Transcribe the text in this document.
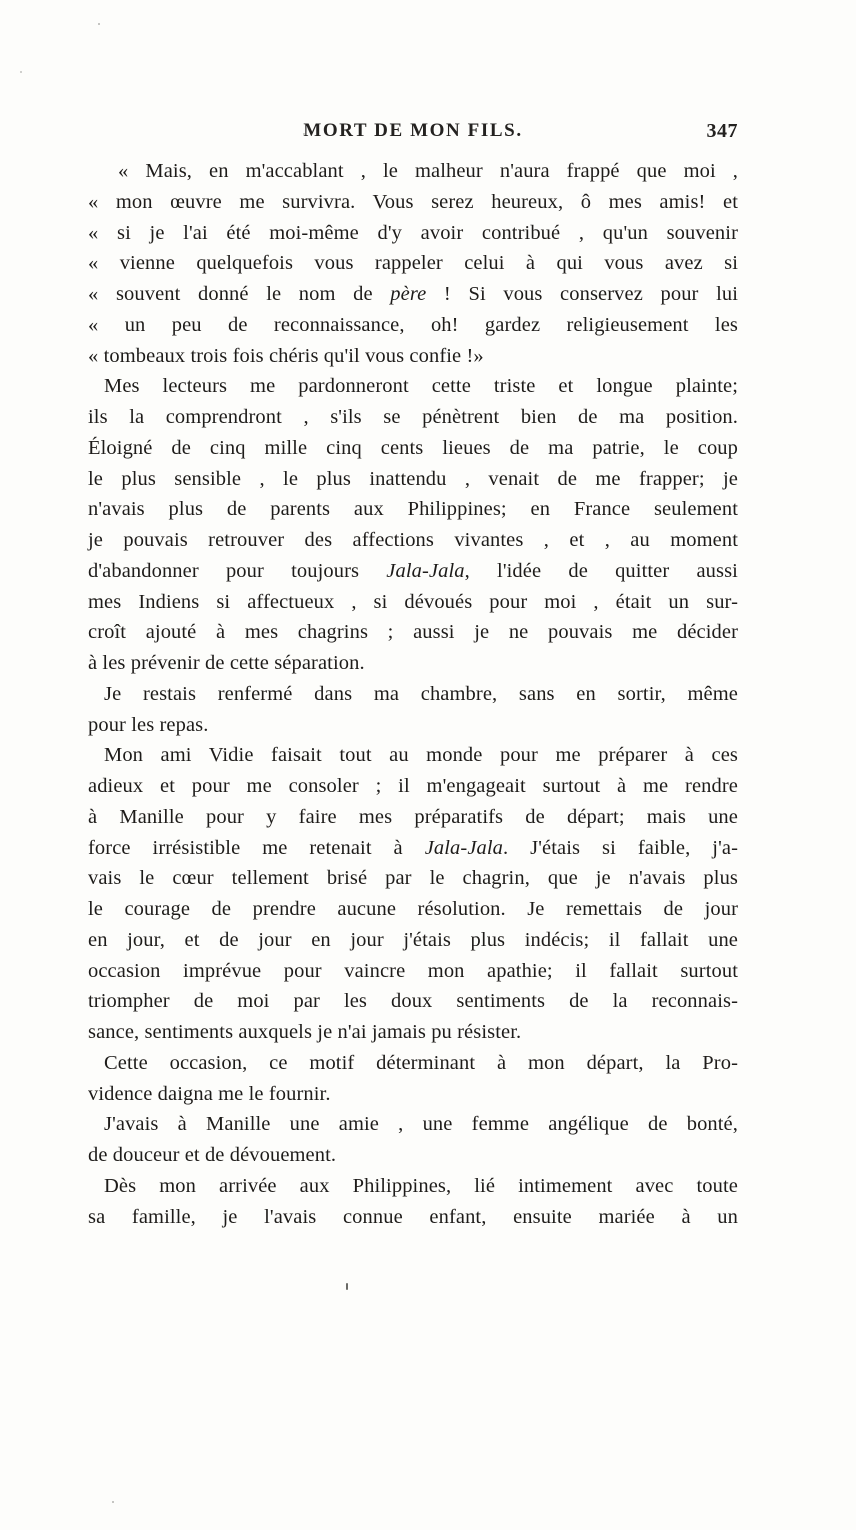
MORT DE MON FILS.	347
« Mais, en m'accablant , le malheur n'aura frappé que moi ,
« mon œuvre me survivra. Vous serez heureux, ô mes amis! et
« si je l'ai été moi-même d'y avoir contribué , qu'un souvenir
« vienne quelquefois vous rappeler celui à qui vous avez si
« souvent donné le nom de père ! Si vous conservez pour lui
« un peu de reconnaissance, oh! gardez religieusement les
« tombeaux trois fois chéris qu'il vous confie !»
Mes lecteurs me pardonneront cette triste et longue plainte;
ils la comprendront , s'ils se pénètrent bien de ma position.
Éloigné de cinq mille cinq cents lieues de ma patrie, le coup
le plus sensible , le plus inattendu , venait de me frapper; je
n'avais plus de parents aux Philippines; en France seulement
je pouvais retrouver des affections vivantes , et , au moment
d'abandonner pour toujours Jala-Jala, l'idée de quitter aussi
mes Indiens si affectueux , si dévoués pour moi , était un sur-
croît ajouté à mes chagrins ; aussi je ne pouvais me décider
à les prévenir de cette séparation.
Je restais renfermé dans ma chambre, sans en sortir, même
pour les repas.
Mon ami Vidie faisait tout au monde pour me préparer à ces
adieux et pour me consoler ; il m'engageait surtout à me rendre
à Manille pour y faire mes préparatifs de départ; mais une
force irrésistible me retenait à Jala-Jala. J'étais si faible, j'a-
vais le cœur tellement brisé par le chagrin, que je n'avais plus
le courage de prendre aucune résolution. Je remettais de jour
en jour, et de jour en jour j'étais plus indécis; il fallait une
occasion imprévue pour vaincre mon apathie; il fallait surtout
triompher de moi par les doux sentiments de la reconnais-
sance, sentiments auxquels je n'ai jamais pu résister.
Cette occasion, ce motif déterminant à mon départ, la Pro-
vidence daigna me le fournir.
J'avais à Manille une amie , une femme angélique de bonté,
de douceur et de dévouement.
Dès mon arrivée aux Philippines, lié intimement avec toute
sa famille, je l'avais connue enfant, ensuite mariée à un
